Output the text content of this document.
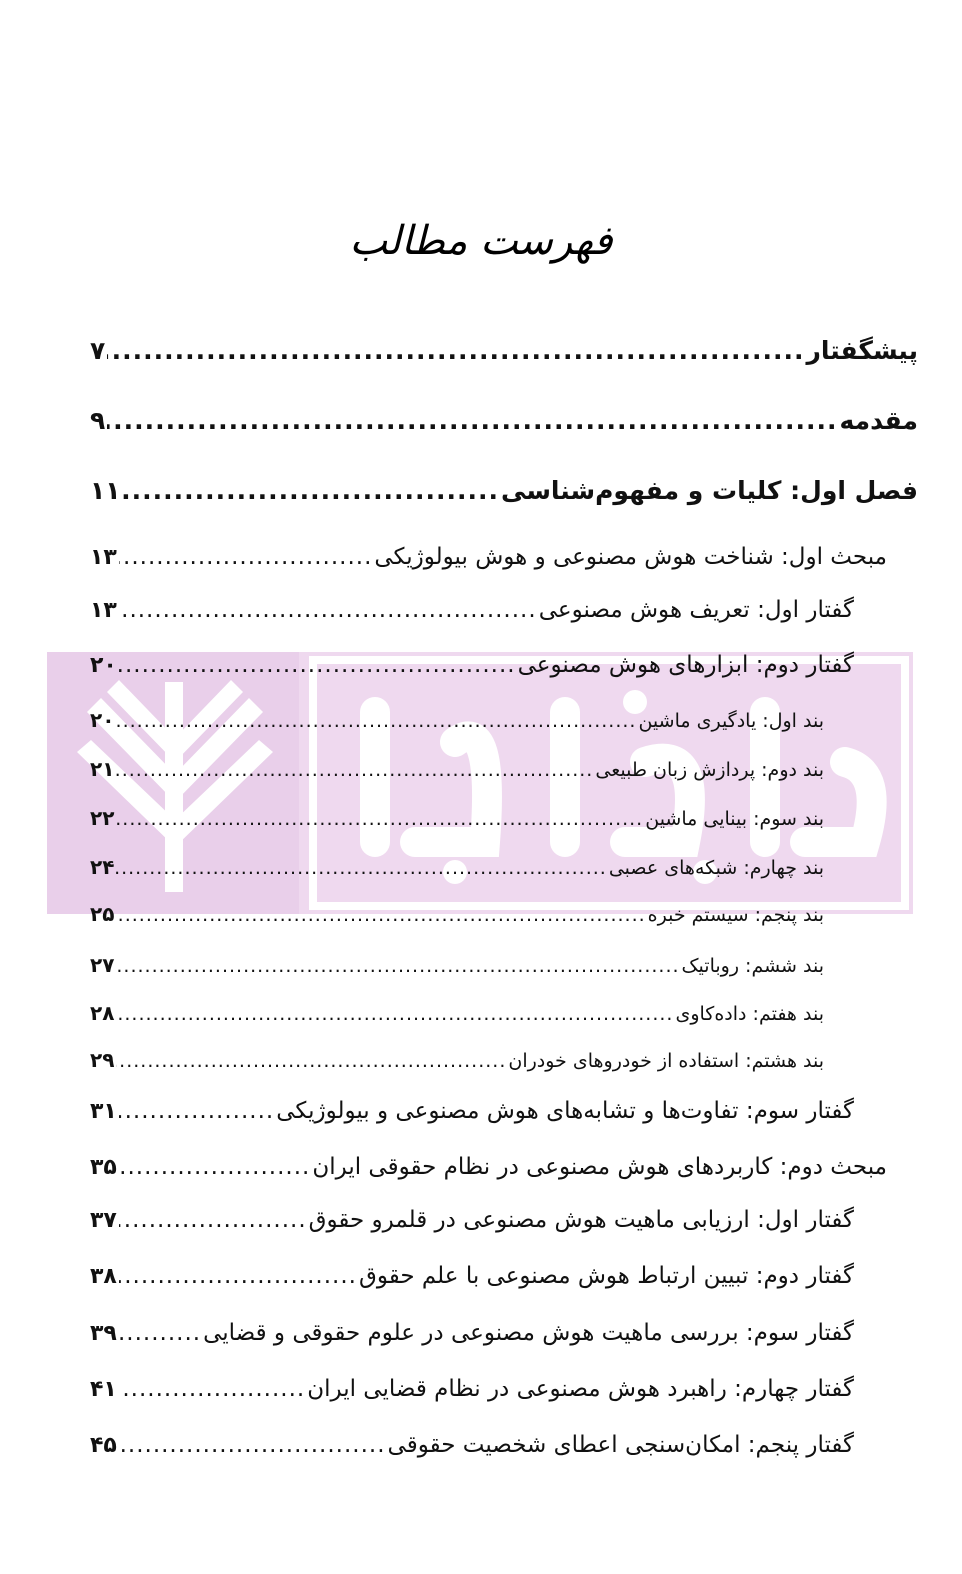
فهرست مطالب
پیشگفتار
.....
۷
مقدمه
.....
۹
فصل اول: کلیات و مفهوم‌شناسی
.....
۱۱
مبحث اول: شناخت هوش مصنوعی و هوش بیولوژیکی
.....
۱۳
گفتار اول: تعریف هوش مصنوعی
.....
۱۳
گفتار دوم: ابزارهای هوش مصنوعی
.....
۲۰
بند اول: یادگیری ماشین
.....
۲۰
بند دوم: پردازش زبان طبیعی
.....
۲۱
بند سوم: بینایی ماشین
.....
۲۲
بند چهارم: شبکه‌های عصبی
.....
۲۴
بند پنجم: سیستم خبره
.....
۲۵
بند ششم: روباتیک
.....
۲۷
بند هفتم: داده‌کاوی
.....
۲۸
بند هشتم: استفاده از خودروهای خودران
.....
۲۹
گفتار سوم: تفاوت‌ها و تشابه‌های هوش مصنوعی و بیولوژیکی
.....
۳۱
مبحث دوم: کاربردهای هوش مصنوعی در نظام حقوقی ایران
.....
۳۵
گفتار اول: ارزیابی ماهیت هوش مصنوعی در قلمرو حقوق
.....
۳۷
گفتار دوم: تبیین ارتباط هوش مصنوعی با علم حقوق
.....
۳۸
گفتار سوم: بررسی ماهیت هوش مصنوعی در علوم حقوقی و قضایی
.....
۳۹
گفتار چهارم: راهبرد هوش مصنوعی در نظام قضایی ایران
.....
۴۱
گفتار پنجم: امکان‌سنجی اعطای شخصیت حقوقی
.....
۴۵
